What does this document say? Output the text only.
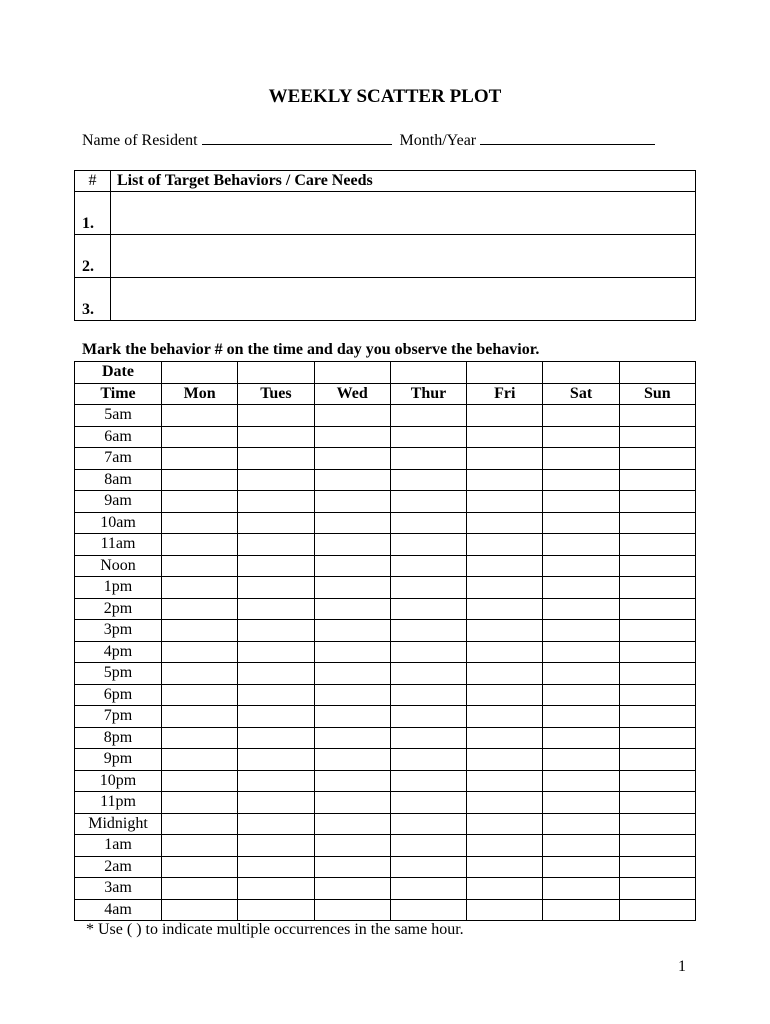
WEEKLY SCATTER PLOT
Name of Resident	Month/Year
#	List of Target Behaviors / Care Needs
1.	
2.	
3.	
Mark the behavior # on the time and day you observe the behavior.
Date							
Time	Mon	Tues	Wed	Thur	Fri	Sat	Sun
5am							
6am							
7am							
8am							
9am							
10am							
11am							
Noon							
1pm							
2pm							
3pm							
4pm							
5pm							
6pm							
7pm							
8pm							
9pm							
10pm							
11pm							
Midnight							
1am							
2am							
3am							
4am							
* Use ( ) to indicate multiple occurrences in the same hour.
1
